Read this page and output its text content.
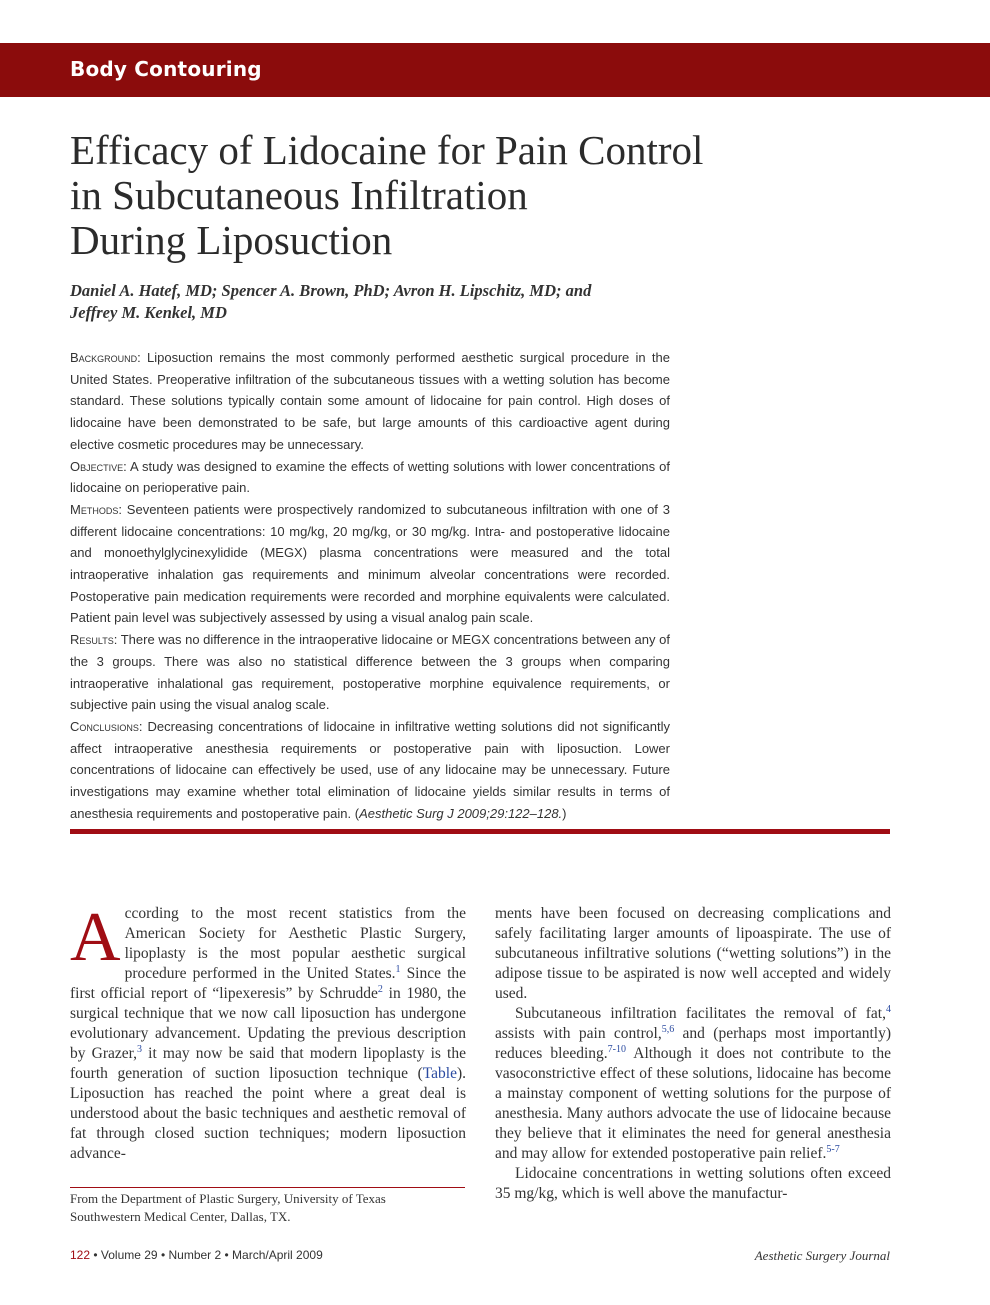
Body Contouring
Efficacy of Lidocaine for Pain Control
in Subcutaneous Infiltration
During Liposuction
Daniel A. Hatef, MD; Spencer A. Brown, PhD; Avron H. Lipschitz, MD; and
Jeffrey M. Kenkel, MD

Background: Liposuction remains the most commonly performed aesthetic surgical procedure in the United States. Preoperative infiltration of the subcutaneous tissues with a wetting solution has become standard. These solutions typically contain some amount of lidocaine for pain control. High doses of lidocaine have been demonstrated to be safe, but large amounts of this cardioactive agent during elective cosmetic procedures may be unnecessary.

Objective: A study was designed to examine the effects of wetting solutions with lower concentrations of lidocaine on perioperative pain.

Methods: Seventeen patients were prospectively randomized to subcutaneous infiltration with one of 3 different lidocaine concentrations: 10 mg/kg, 20 mg/kg, or 30 mg/kg. Intra- and postoperative lidocaine and monoethylglycinexylidide (MEGX) plasma concentrations were measured and the total intraoperative inhalation gas requirements and minimum alveolar concentrations were recorded. Postoperative pain medication requirements were recorded and morphine equivalents were calculated. Patient pain level was subjectively assessed by using a visual analog pain scale.

Results: There was no difference in the intraoperative lidocaine or MEGX concentrations between any of the 3 groups. There was also no statistical difference between the 3 groups when comparing intraoperative inhalational gas requirement, postoperative morphine equivalence requirements, or subjective pain using the visual analog scale.

Conclusions: Decreasing concentrations of lidocaine in infiltrative wetting solutions did not significantly affect intraoperative anesthesia requirements or postoperative pain with liposuction. Lower concentrations of lidocaine can effectively be used, use of any lidocaine may be unnecessary. Future investigations may examine whether total elimination of lidocaine yields similar results in terms of anesthesia requirements and postoperative pain. (Aesthetic Surg J 2009;29:122–128.)

According to the most recent statistics from the American Society for Aesthetic Plastic Surgery, lipoplasty is the most popular aesthetic surgical procedure performed in the United States.$^1$ Since the first official report of “lipexeresis” by Schrudde$^2$ in 1980, the surgical technique that we now call liposuction has undergone evolutionary advancement. Updating the previous description by Grazer,$^3$ it may now be said that modern lipoplasty is the fourth generation of suction liposuction technique (Table). Liposuction has reached the point where a great deal is understood about the basic techniques and aesthetic removal of fat through closed suction techniques; modern liposuction advance-

ments have been focused on decreasing complications and safely facilitating larger amounts of lipoaspirate. The use of subcutaneous infiltrative solutions (“wetting solutions”) in the adipose tissue to be aspirated is now well accepted and widely used.

Subcutaneous infiltration facilitates the removal of fat,$^4$ assists with pain control,$^{5,6}$ and (perhaps most importantly) reduces bleeding.$^{7-10}$ Although it does not contribute to the vasoconstrictive effect of these solutions, lidocaine has become a mainstay component of wetting solutions for the purpose of anesthesia. Many authors advocate the use of lidocaine because they believe that it eliminates the need for general anesthesia and may allow for extended postoperative pain relief.$^{5-7}$

Lidocaine concentrations in wetting solutions often exceed 35 mg/kg, which is well above the manufactur-

From the Department of Plastic Surgery, University of Texas
Southwestern Medical Center, Dallas, TX.
122 • Volume 29 • Number 2 • March/April 2009	Aesthetic Surgery Journal
